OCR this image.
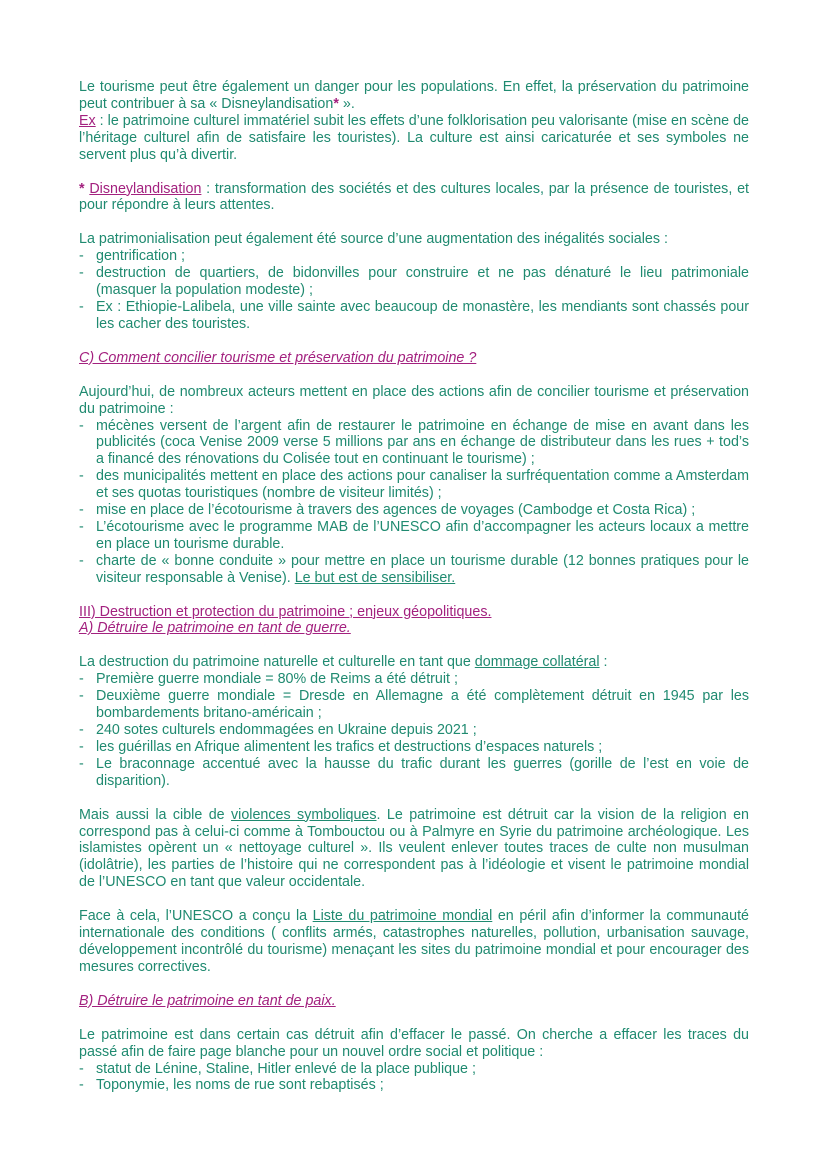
Le tourisme peut être également un danger pour les populations. En effet, la préservation du patrimoine peut contribuer à sa « Disneylandisation* ».

Ex : le patrimoine culturel immatériel subit les effets d’une folklorisation peu valorisante (mise en scène de l’héritage culturel afin de satisfaire les touristes). La culture est ainsi caricaturée et ses symboles ne servent plus qu’à divertir.

* Disneylandisation : transformation des sociétés et des cultures locales, par la présence de touristes, et pour répondre à leurs attentes.

La patrimonialisation peut également été source d’une augmentation des inégalités sociales :

- gentrification ;
- destruction de quartiers, de bidonvilles pour construire et ne pas dénaturé le lieu patrimoniale (masquer la population modeste) ;
- Ex : Ethiopie-Lalibela, une ville sainte avec beaucoup de monastère, les mendiants sont chassés pour les cacher des touristes.

C) Comment concilier tourisme et préservation du patrimoine ?

Aujourd’hui, de nombreux acteurs mettent en place des actions afin de concilier tourisme et préservation du patrimoine :

- mécènes versent de l’argent afin de restaurer le patrimoine en échange de mise en avant dans les publicités (coca Venise 2009 verse 5 millions par ans en échange de distributeur dans les rues + tod’s a financé des rénovations du Colisée tout en continuant le tourisme) ;
- des municipalités mettent en place des actions pour canaliser la surfréquentation comme a Amsterdam et ses quotas touristiques (nombre de visiteur limités) ;
- mise en place de l’écotourisme à travers des agences de voyages (Cambodge et Costa Rica) ;
- L’écotourisme avec le programme MAB de l’UNESCO afin d’accompagner les acteurs locaux a mettre en place un tourisme durable.
- charte de « bonne conduite » pour mettre en place un tourisme durable (12 bonnes pratiques pour le visiteur responsable à Venise). Le but est de sensibiliser.

III) Destruction et protection du patrimoine ; enjeux géopolitiques.

A) Détruire le patrimoine en tant de guerre.

La destruction du patrimoine naturelle et culturelle en tant que dommage collatéral :

- Première guerre mondiale = 80% de Reims a été détruit ;
- Deuxième guerre mondiale = Dresde en Allemagne a été complètement détruit en 1945 par les bombardements britano-américain ;
- 240 sotes culturels endommagées en Ukraine depuis 2021 ;
- les guérillas en Afrique alimentent les trafics et destructions d’espaces naturels ;
- Le braconnage accentué avec la hausse du trafic durant les guerres (gorille de l’est en voie de disparition).

Mais aussi la cible de violences symboliques. Le patrimoine est détruit car la vision de la religion en correspond pas à celui-ci comme à Tombouctou ou à Palmyre en Syrie du patrimoine archéologique. Les islamistes opèrent un « nettoyage culturel ». Ils veulent enlever toutes traces de culte non musulman (idolâtrie), les parties de l’histoire qui ne correspondent pas à l’idéologie et visent le patrimoine mondial de l’UNESCO en tant que valeur occidentale.

Face à cela, l’UNESCO a conçu la Liste du patrimoine mondial en péril afin d’informer la communauté internationale des conditions ( conflits armés, catastrophes naturelles, pollution, urbanisation sauvage, développement incontrôlé du tourisme) menaçant les sites du patrimoine mondial et pour encourager des mesures correctives.

B) Détruire le patrimoine en tant de paix.

Le patrimoine est dans certain cas détruit afin d’effacer le passé. On cherche a effacer les traces du passé afin de faire page blanche pour un nouvel ordre social et politique :

- statut de Lénine, Staline, Hitler enlevé de la place publique ;
- Toponymie, les noms de rue sont rebaptisés ;
